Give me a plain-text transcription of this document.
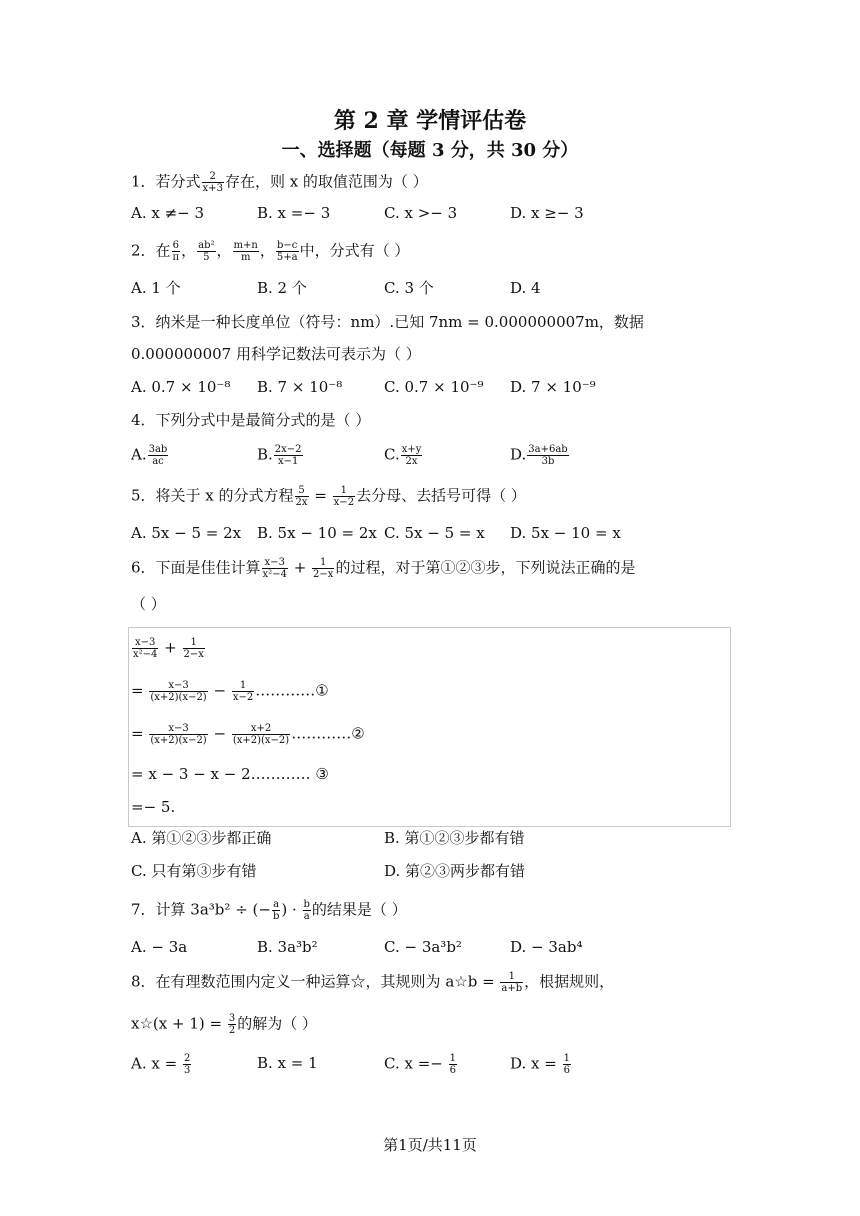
第 2 章 学情评估卷
一、选择题（每题 3 分，共 30 分）
1．若分式 $\frac{2}{x+3}$ 存在，则 x 的取值范围为（ ）
A. x ≠− 3	B. x =− 3	C. x >− 3	D. x ≥− 3
2．在 $\frac{6}{\pi}$ ， $\frac{\text{ab²}}{5}$ ， $\frac{m+n}{m}$ ， $\frac{b-c}{5+a}$ 中，分式有（ ）
A. 1 个	B. 2 个	C. 3 个	D. 4
3．纳米是一种长度单位（符号：nm）.已知 7nm = 0.000000007m，数据
0.000000007 用科学记数法可表示为（ ）
A. 0.7 × 10⁻⁸ B. 7 × 10⁻⁸	C. 0.7 × 10⁻⁹ D. 7 × 10⁻⁹
4．下列分式中是最简分式的是（ ）
A. $\frac{3ab}{ac}$	B. $\frac{2x-2}{x-1}$	C. $\frac{x+y}{2x}$	D. $\frac{3a+6ab}{3b}$
5．将关于 x 的分式方程 $\frac{5}{2x} = \frac{1}{x-2}$ 去分母、去括号可得（ ）
A. 5x − 5 = 2x B. 5x − 10 = 2x C. 5x − 5 = x D. 5x − 10 = x
6．下面是佳佳计算 $\frac{x-3}{\text{x²−4}} + \frac{1}{2-x}$ 的过程，对于第①②③步，下列说法正确的是
（ ）
$\frac{x-3}{\text{x²−4}} + \frac{1}{2-x}$
= $\frac{x-3}{(x+2)(x-2)} - \frac{1}{x-2}$ …………①
= $\frac{x-3}{(x+2)(x-2)} - \frac{x+2}{(x+2)(x-2)}$ …………②
= x − 3 − x − 2………… ③
=− 5.
A. 第①②③步都正确	B. 第①②③步都有错
C. 只有第③步有错	D. 第②③两步都有错
7．计算 3a³b² ÷ (− $\frac{a}{b}$ ) · $\frac{b}{a}$ 的结果是（ ）
A. − 3a	B. 3a³b²	C. − 3a³b²	D. − 3ab⁴
8．在有理数范围内定义一种运算☆，其规则为 a☆b = $\frac{1}{a+b}$ ，根据规则，
x☆(x + $1) = \frac{3}{2}$ 的解为（ ）
A. $x = \frac{2}{3}$	B. x = 1	C. $x =- \frac{1}{6}$	D. $x = \frac{1}{6}$
第1页/共11页
